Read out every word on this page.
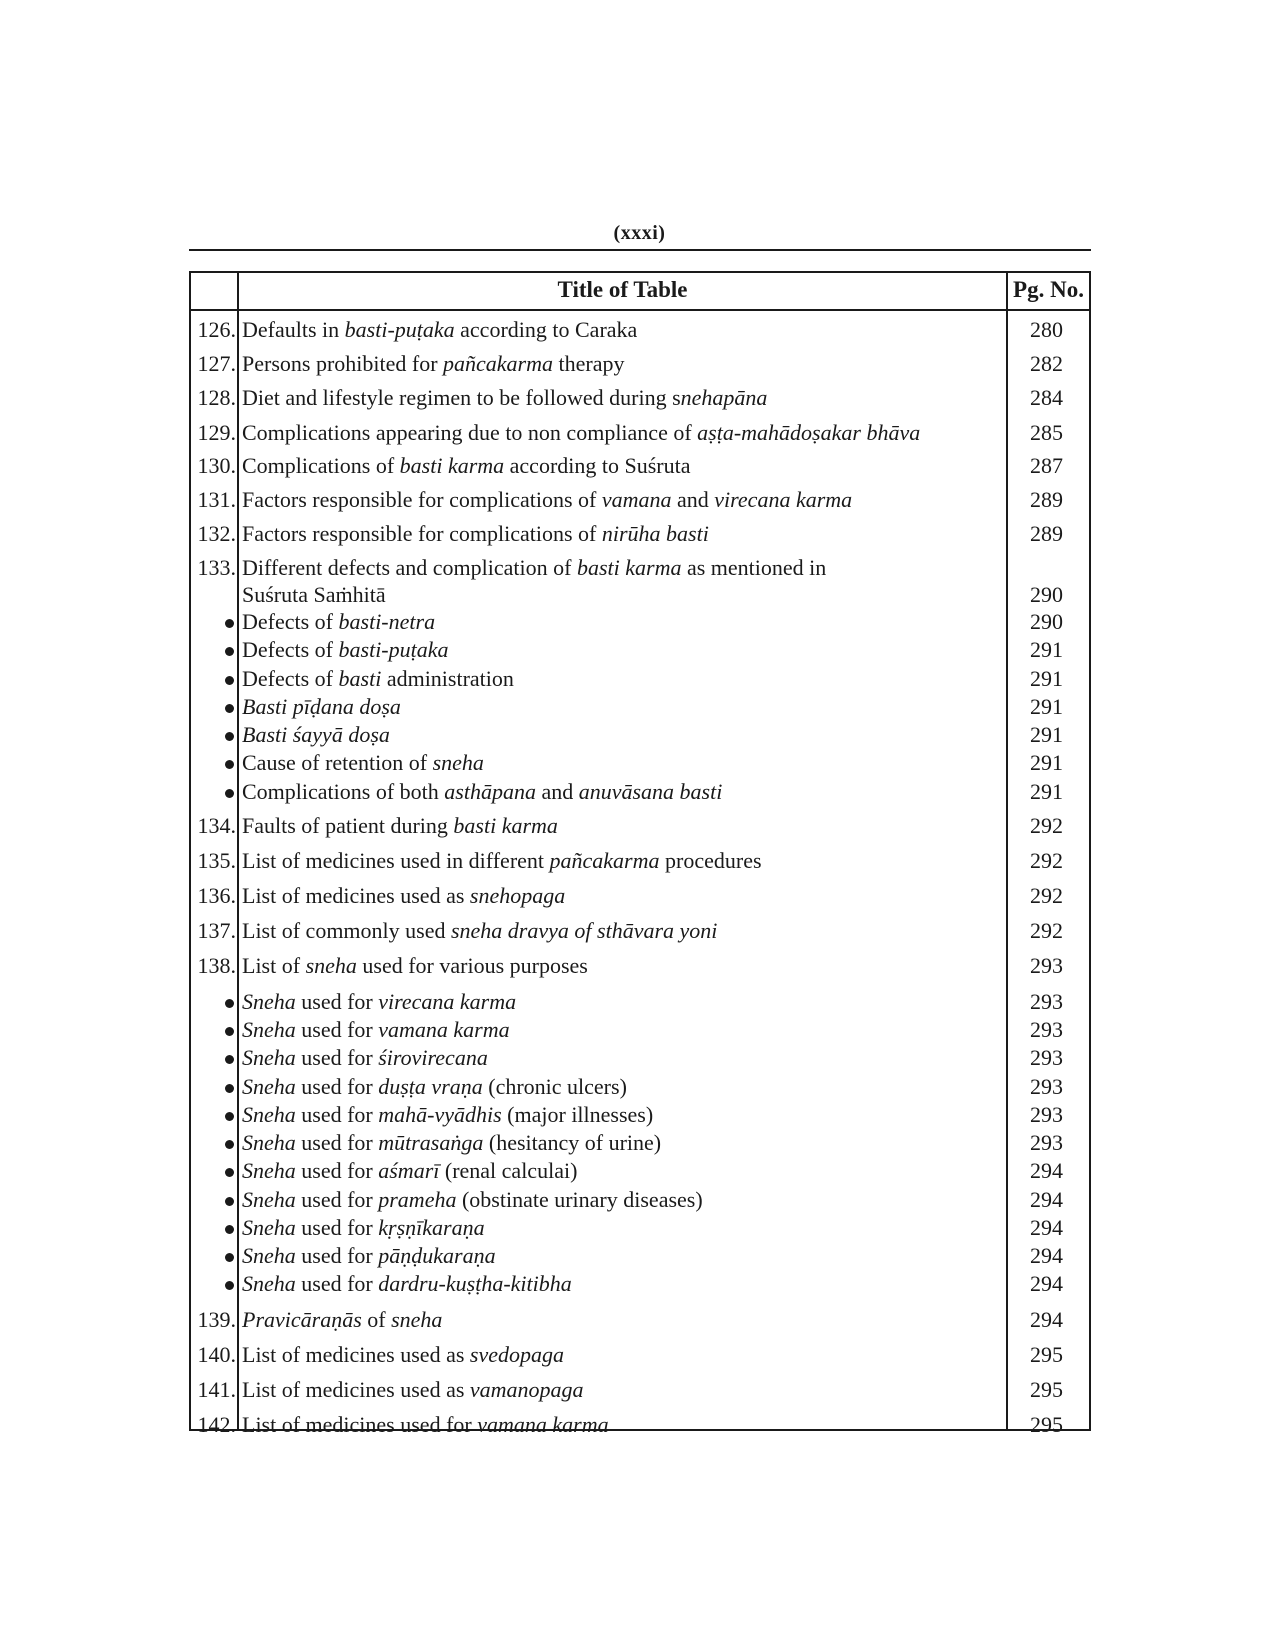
(xxxi)
Title of Table	Pg. No.
126. Defaults in basti-puṭaka according to Caraka	280
127. Persons prohibited for pañcakarma therapy	282
128. Diet and lifestyle regimen to be followed during snehapāna	284
129. Complications appearing due to non compliance of aṣṭa-mahādoṣakar bhāva	285
130. Complications of basti karma according to Suśruta	287
131. Factors responsible for complications of vamana and virecana karma	289
132. Factors responsible for complications of nirūha basti	289
133. Different defects and complication of basti karma as mentioned in
Suśruta Saṁhitā	290
Defects of basti-netra	290
Defects of basti-puṭaka	291
Defects of basti administration	291
Basti pīḍana doṣa	291
Basti śayyā doṣa	291
Cause of retention of sneha	291
Complications of both asthāpana and anuvāsana basti	291
134. Faults of patient during basti karma	292
135. List of medicines used in different pañcakarma procedures	292
136. List of medicines used as snehopaga	292
137. List of commonly used sneha dravya of sthāvara yoni	292
138. List of sneha used for various purposes	293
Sneha used for virecana karma	293
Sneha used for vamana karma	293
Sneha used for śirovirecana	293
Sneha used for duṣṭa vraṇa (chronic ulcers)	293
Sneha used for mahā-vyādhis (major illnesses)	293
Sneha used for mūtrasaṅga (hesitancy of urine)	293
Sneha used for aśmarī (renal calculai)	294
Sneha used for prameha (obstinate urinary diseases)	294
Sneha used for kṛṣṇīkaraṇa	294
Sneha used for pāṇḍukaraṇa	294
Sneha used for dardru-kuṣṭha-kitibha	294
139. Pravicāraṇās of sneha	294
140. List of medicines used as svedopaga	295
141. List of medicines used as vamanopaga	295
142. List of medicines used for vamana karma	295
